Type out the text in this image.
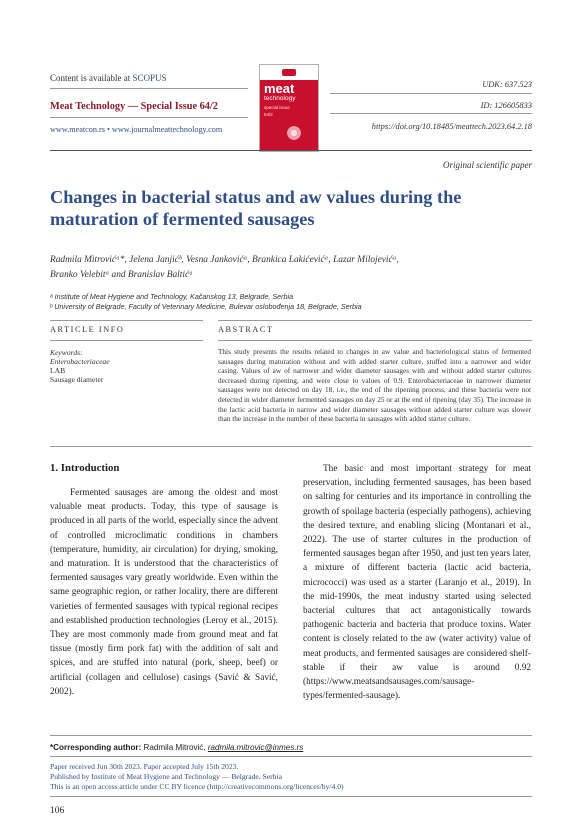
Content is available at SCOPUS
Meat Technology — Special Issue 64/2
www.meatcon.rs • www.journalmeattechnology.com
meat
technology
special issue
64/2
UDK: 637.523
ID: 126605833
https://doi.org/10.18485/meattech.2023.64.2.18
Original scientific paper
Changes in bacterial status and aw values during the maturation of fermented sausages
Radmila Mitrovićᵃ*, Jelena Janjićᵇ, Vesna Jankovićᵃ, Brankica Lakićevićᵃ, Lazar Milojevićᵃ,
Branko Velebitᵃ and Branislav Baltićᵃ
ᵃ Institute of Meat Hygiene and Technology, Kačanskog 13, Belgrade, Serbia
ᵇ University of Belgrade, Faculty of Veterinary Medicine, Bulevar oslobođenja 18, Belgrade, Serbia
ARTICLE INFO
Keywords:
Enterobacteriaceae
LAB
Sausage diameter
ABSTRACT

This study presents the results related to changes in aw value and bacteriological status of fermented sausages during maturation without and with added starter culture, stuffed into a narrower and wider casing. Values of aw of narrower and wider diameter sausages with and without added starter cultures decreased during ripening, and were close to values of 0.9. Enterobacteriaceae in narrower diameter sausages were not detected on day 18, i.e., the end of the ripening process, and these bacteria were not detected in wider diameter fermented sausages on day 25 or at the end of ripening (day 35). The increase in the lactic acid bacteria in narrow and wider diameter sausages without added starter culture was slower than the increase in the number of these bacteria in sausages with added starter culture.

1. Introduction

Fermented sausages are among the oldest and most valuable meat products. Today, this type of sausage is produced in all parts of the world, especially since the advent of controlled microclimatic conditions in chambers (temperature, humidity, air circulation) for drying, smoking, and maturation. It is understood that the characteristics of fermented sausages vary greatly worldwide. Even within the same geographic region, or rather locality, there are different varieties of fermented sausages with typical regional recipes and established production technologies (Leroy et al., 2015). They are most commonly made from ground meat and fat tissue (mostly firm pork fat) with the addition of salt and spices, and are stuffed into natural (pork, sheep, beef) or artificial (collagen and cellulose) casings (Savić & Savić, 2002).

The basic and most important strategy for meat preservation, including fermented sausages, has been based on salting for centuries and its importance in controlling the growth of spoilage bacteria (especially pathogens), achieving the desired texture, and enabling slicing (Montanari et al., 2022). The use of starter cultures in the production of fermented sausages began after 1950, and just ten years later, a mixture of different bacteria (lactic acid bacteria, micrococci) was used as a starter (Laranjo et al., 2019). In the mid-1990s, the meat industry started using selected bacterial cultures that act antagonistically towards pathogenic bacteria and bacteria that produce toxins. Water content is closely related to the aw (water activity) value of meat products, and fermented sausages are considered shelf-stable if their aw value is around 0.92 (https://www.meatsandsausages.com/sausage-types/fermented-sausage).

*Corresponding author: Radmila Mitrović, radmila.mitrovic@inmes.rs
Paper received Jun 30th 2023. Paper accepted July 15th 2023.
Published by Institute of Meat Hygiene and Technology — Belgrade, Serbia
This is an open access article under CC BY licence (http://creativecommons.org/licences/by/4.0)
106
